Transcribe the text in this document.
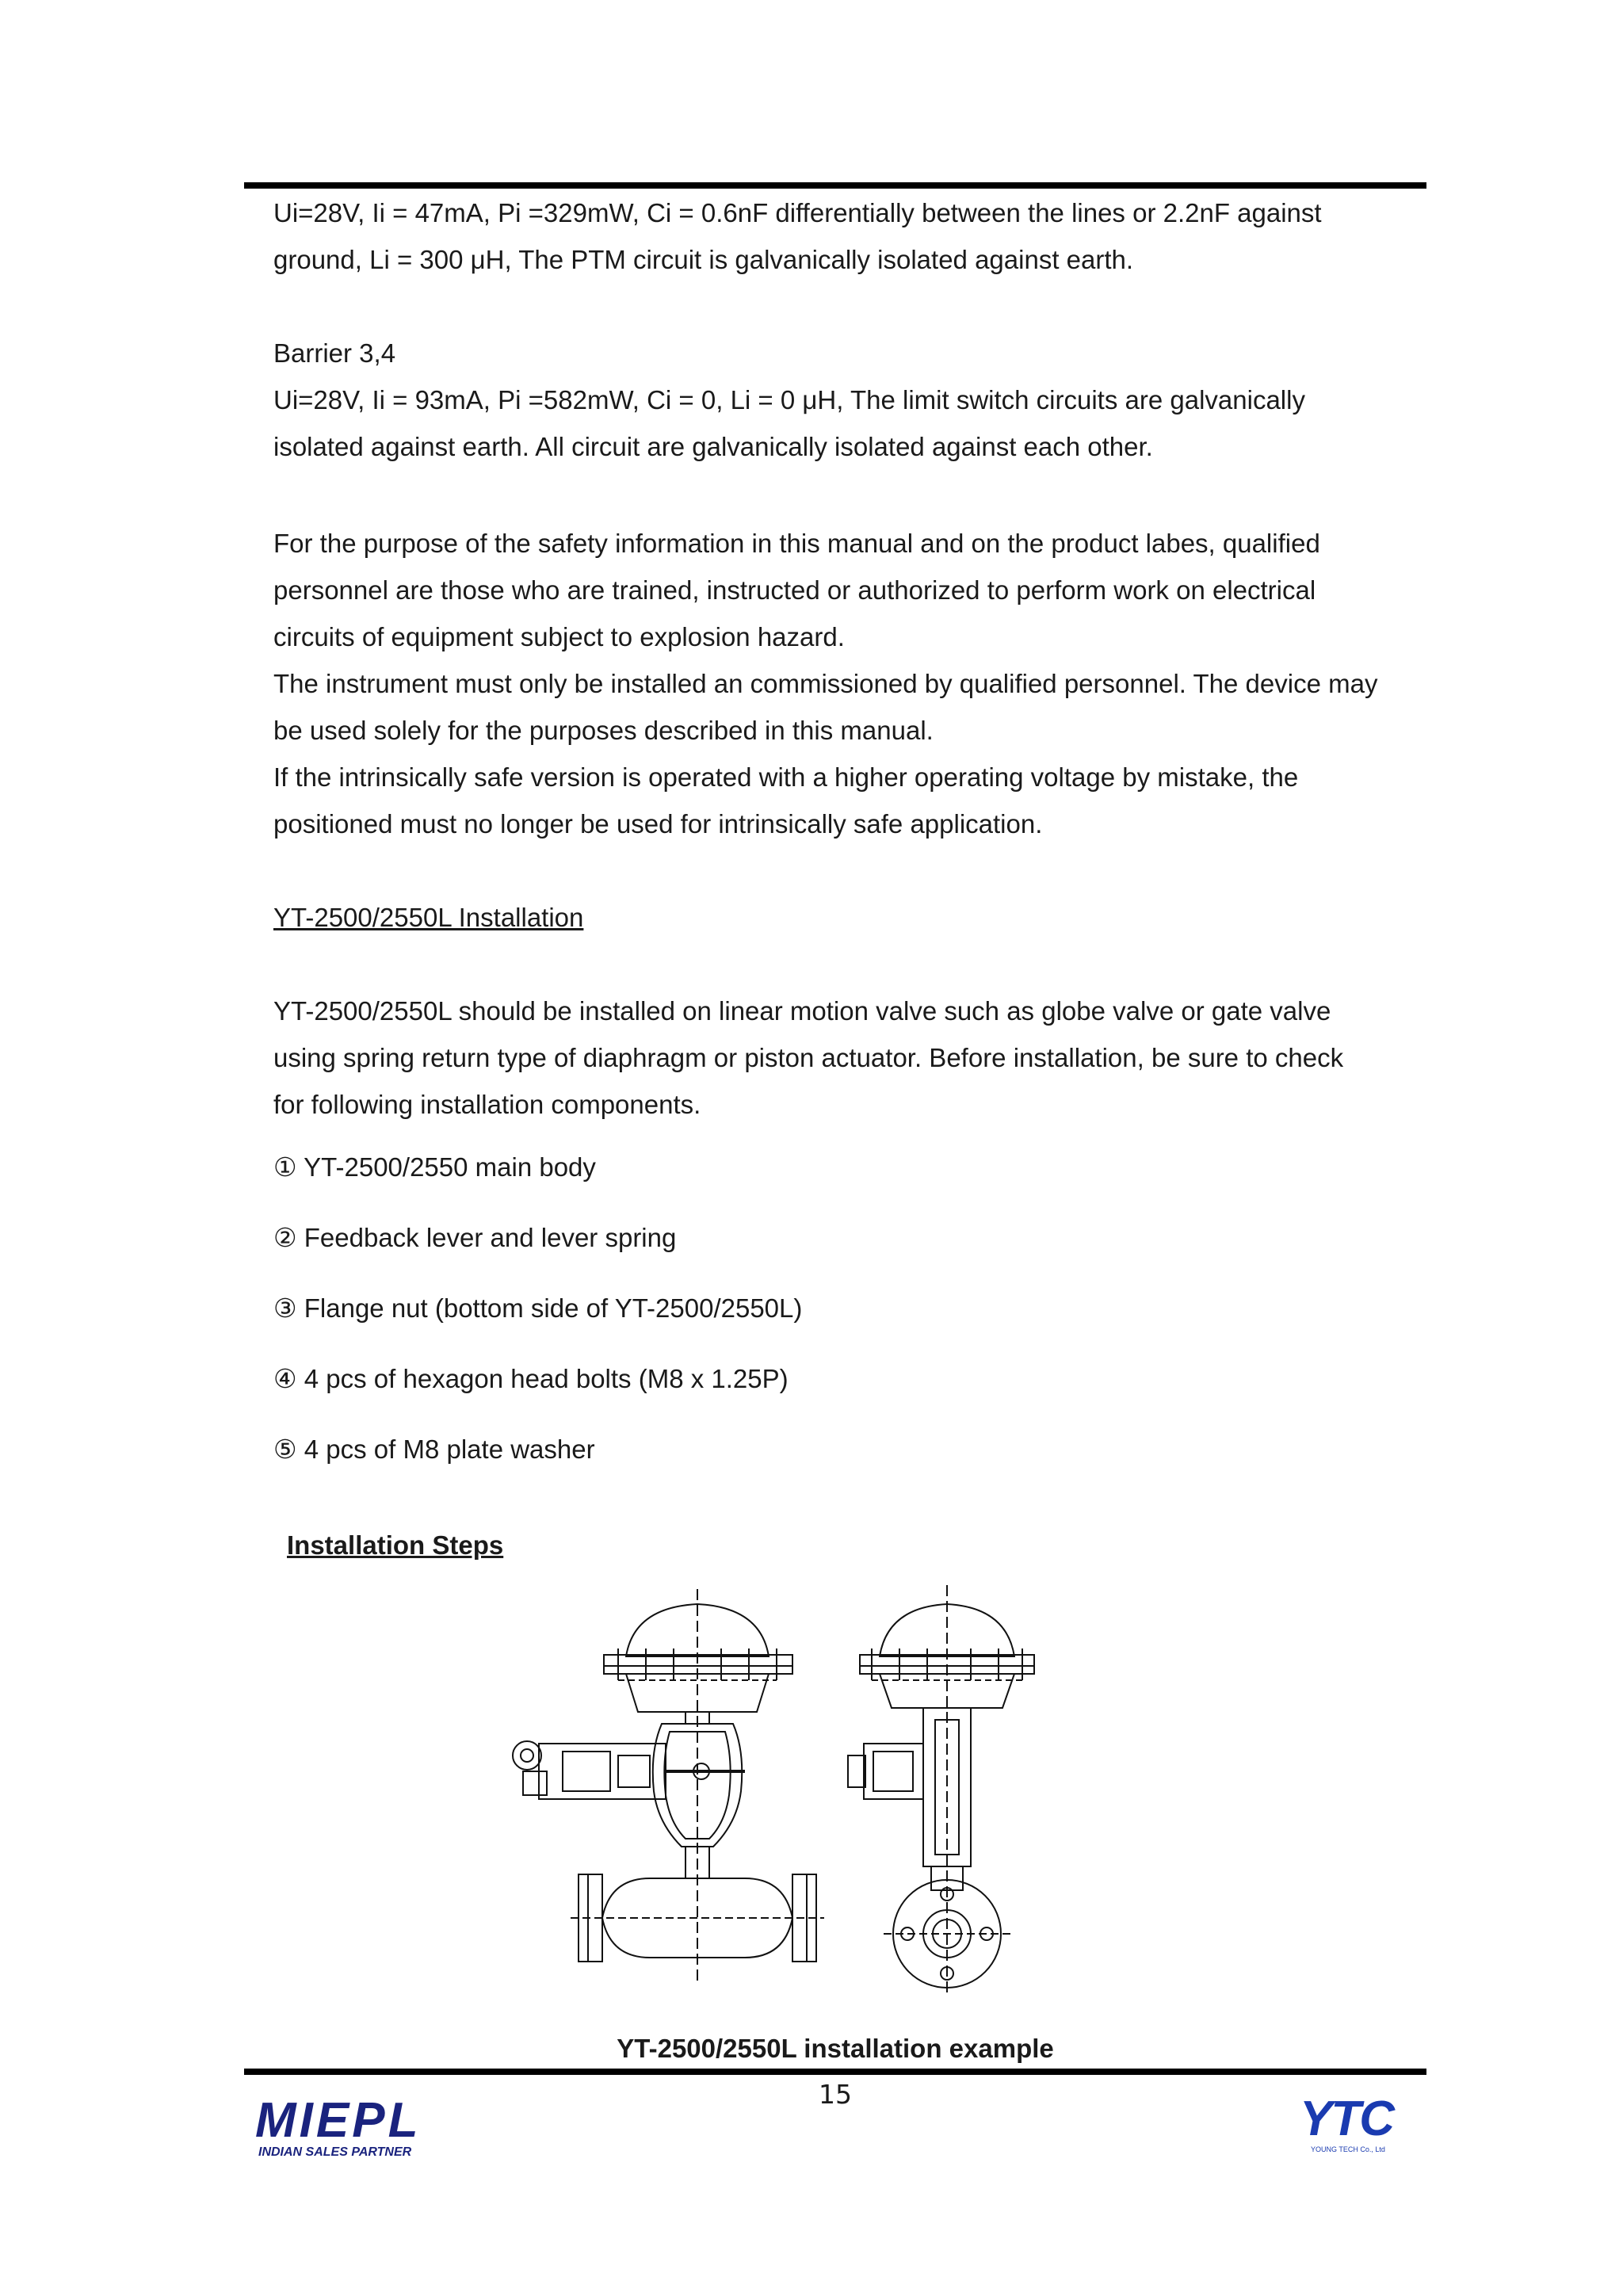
Ui=28V, Ii = 47mA, Pi =329mW, Ci = 0.6nF differentially between the lines or 2.2nF against

ground, Li = 300 μH, The PTM circuit is galvanically isolated against earth.

Barrier 3,4

Ui=28V, Ii = 93mA, Pi =582mW, Ci = 0, Li = 0 μH, The limit switch circuits are galvanically

isolated against earth. All circuit are galvanically isolated against each other.

For the purpose of the safety information in this manual and on the product labes, qualified

personnel are those who are trained, instructed or authorized to perform work on electrical

circuits of equipment subject to explosion hazard.

The instrument must only be installed an commissioned by qualified personnel. The device may

be used solely for the purposes described in this manual.

If the intrinsically safe version is operated with a higher operating voltage by mistake, the

positioned must no longer be used for intrinsically safe application.

YT-2500/2550L Installation

YT-2500/2550L should be installed on linear motion valve such as globe valve or gate valve

using spring return type of diaphragm or piston actuator. Before installation, be sure to check

for following installation components.

① YT-2500/2550 main body
② Feedback lever and lever spring
③ Flange nut (bottom side of YT-2500/2550L)
④ 4 pcs of hexagon head bolts (M8 x 1.25P)
⑤ 4 pcs of M8 plate washer
Installation Steps
YT-2500/2550L installation example
15
MIEPL
INDIAN SALES PARTNER
YTC
YOUNG TECH Co., Ltd
